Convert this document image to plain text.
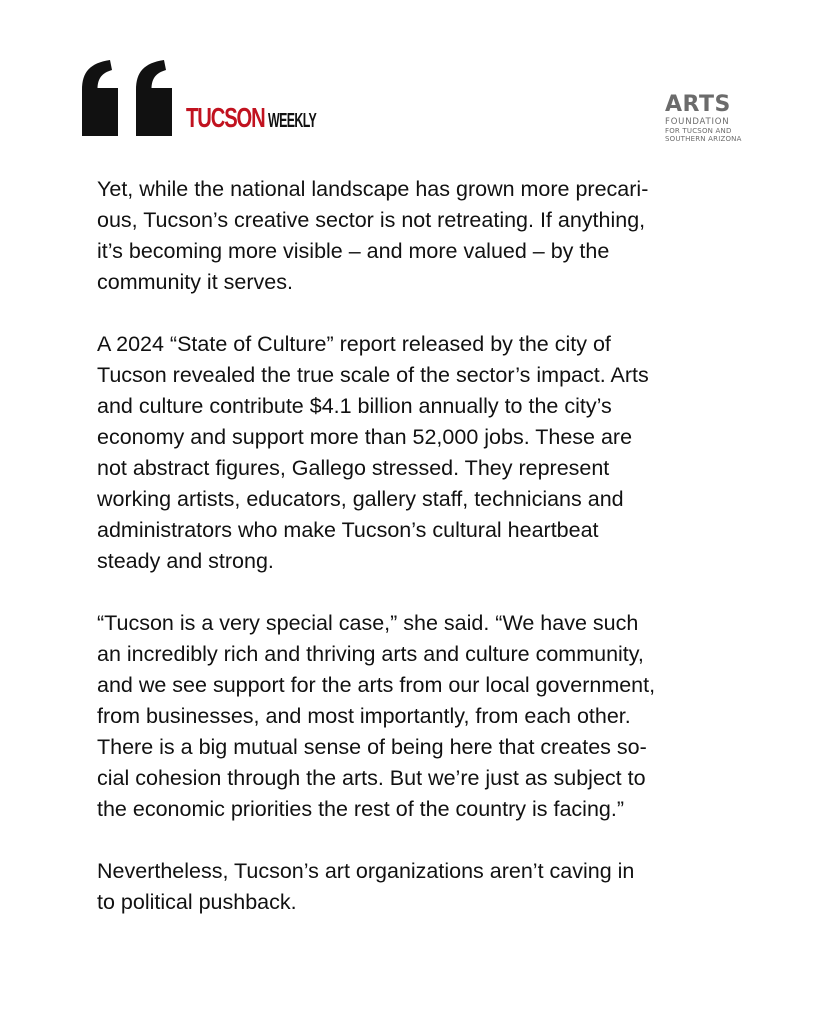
TUCSON WEEKLY
ARTS
FOUNDATION
FOR TUCSON AND
SOUTHERN ARIZONA

Yet, while the national landscape has grown more precari-
ous, Tucson’s creative sector is not retreating. If anything,
it’s becoming more visible – and more valued – by the
community it serves.

A 2024 “State of Culture” report released by the city of
Tucson revealed the true scale of the sector’s impact. Arts
and culture contribute $4.1 billion annually to the city’s
economy and support more than 52,000 jobs. These are
not abstract figures, Gallego stressed. They represent
working artists, educators, gallery staff, technicians and
administrators who make Tucson’s cultural heartbeat
steady and strong.

“Tucson is a very special case,” she said. “We have such
an incredibly rich and thriving arts and culture community,
and we see support for the arts from our local government,
from businesses, and most importantly, from each other.
There is a big mutual sense of being here that creates so-
cial cohesion through the arts. But we’re just as subject to
the economic priorities the rest of the country is facing.”

Nevertheless, Tucson’s art organizations aren’t caving in
to political pushback.
